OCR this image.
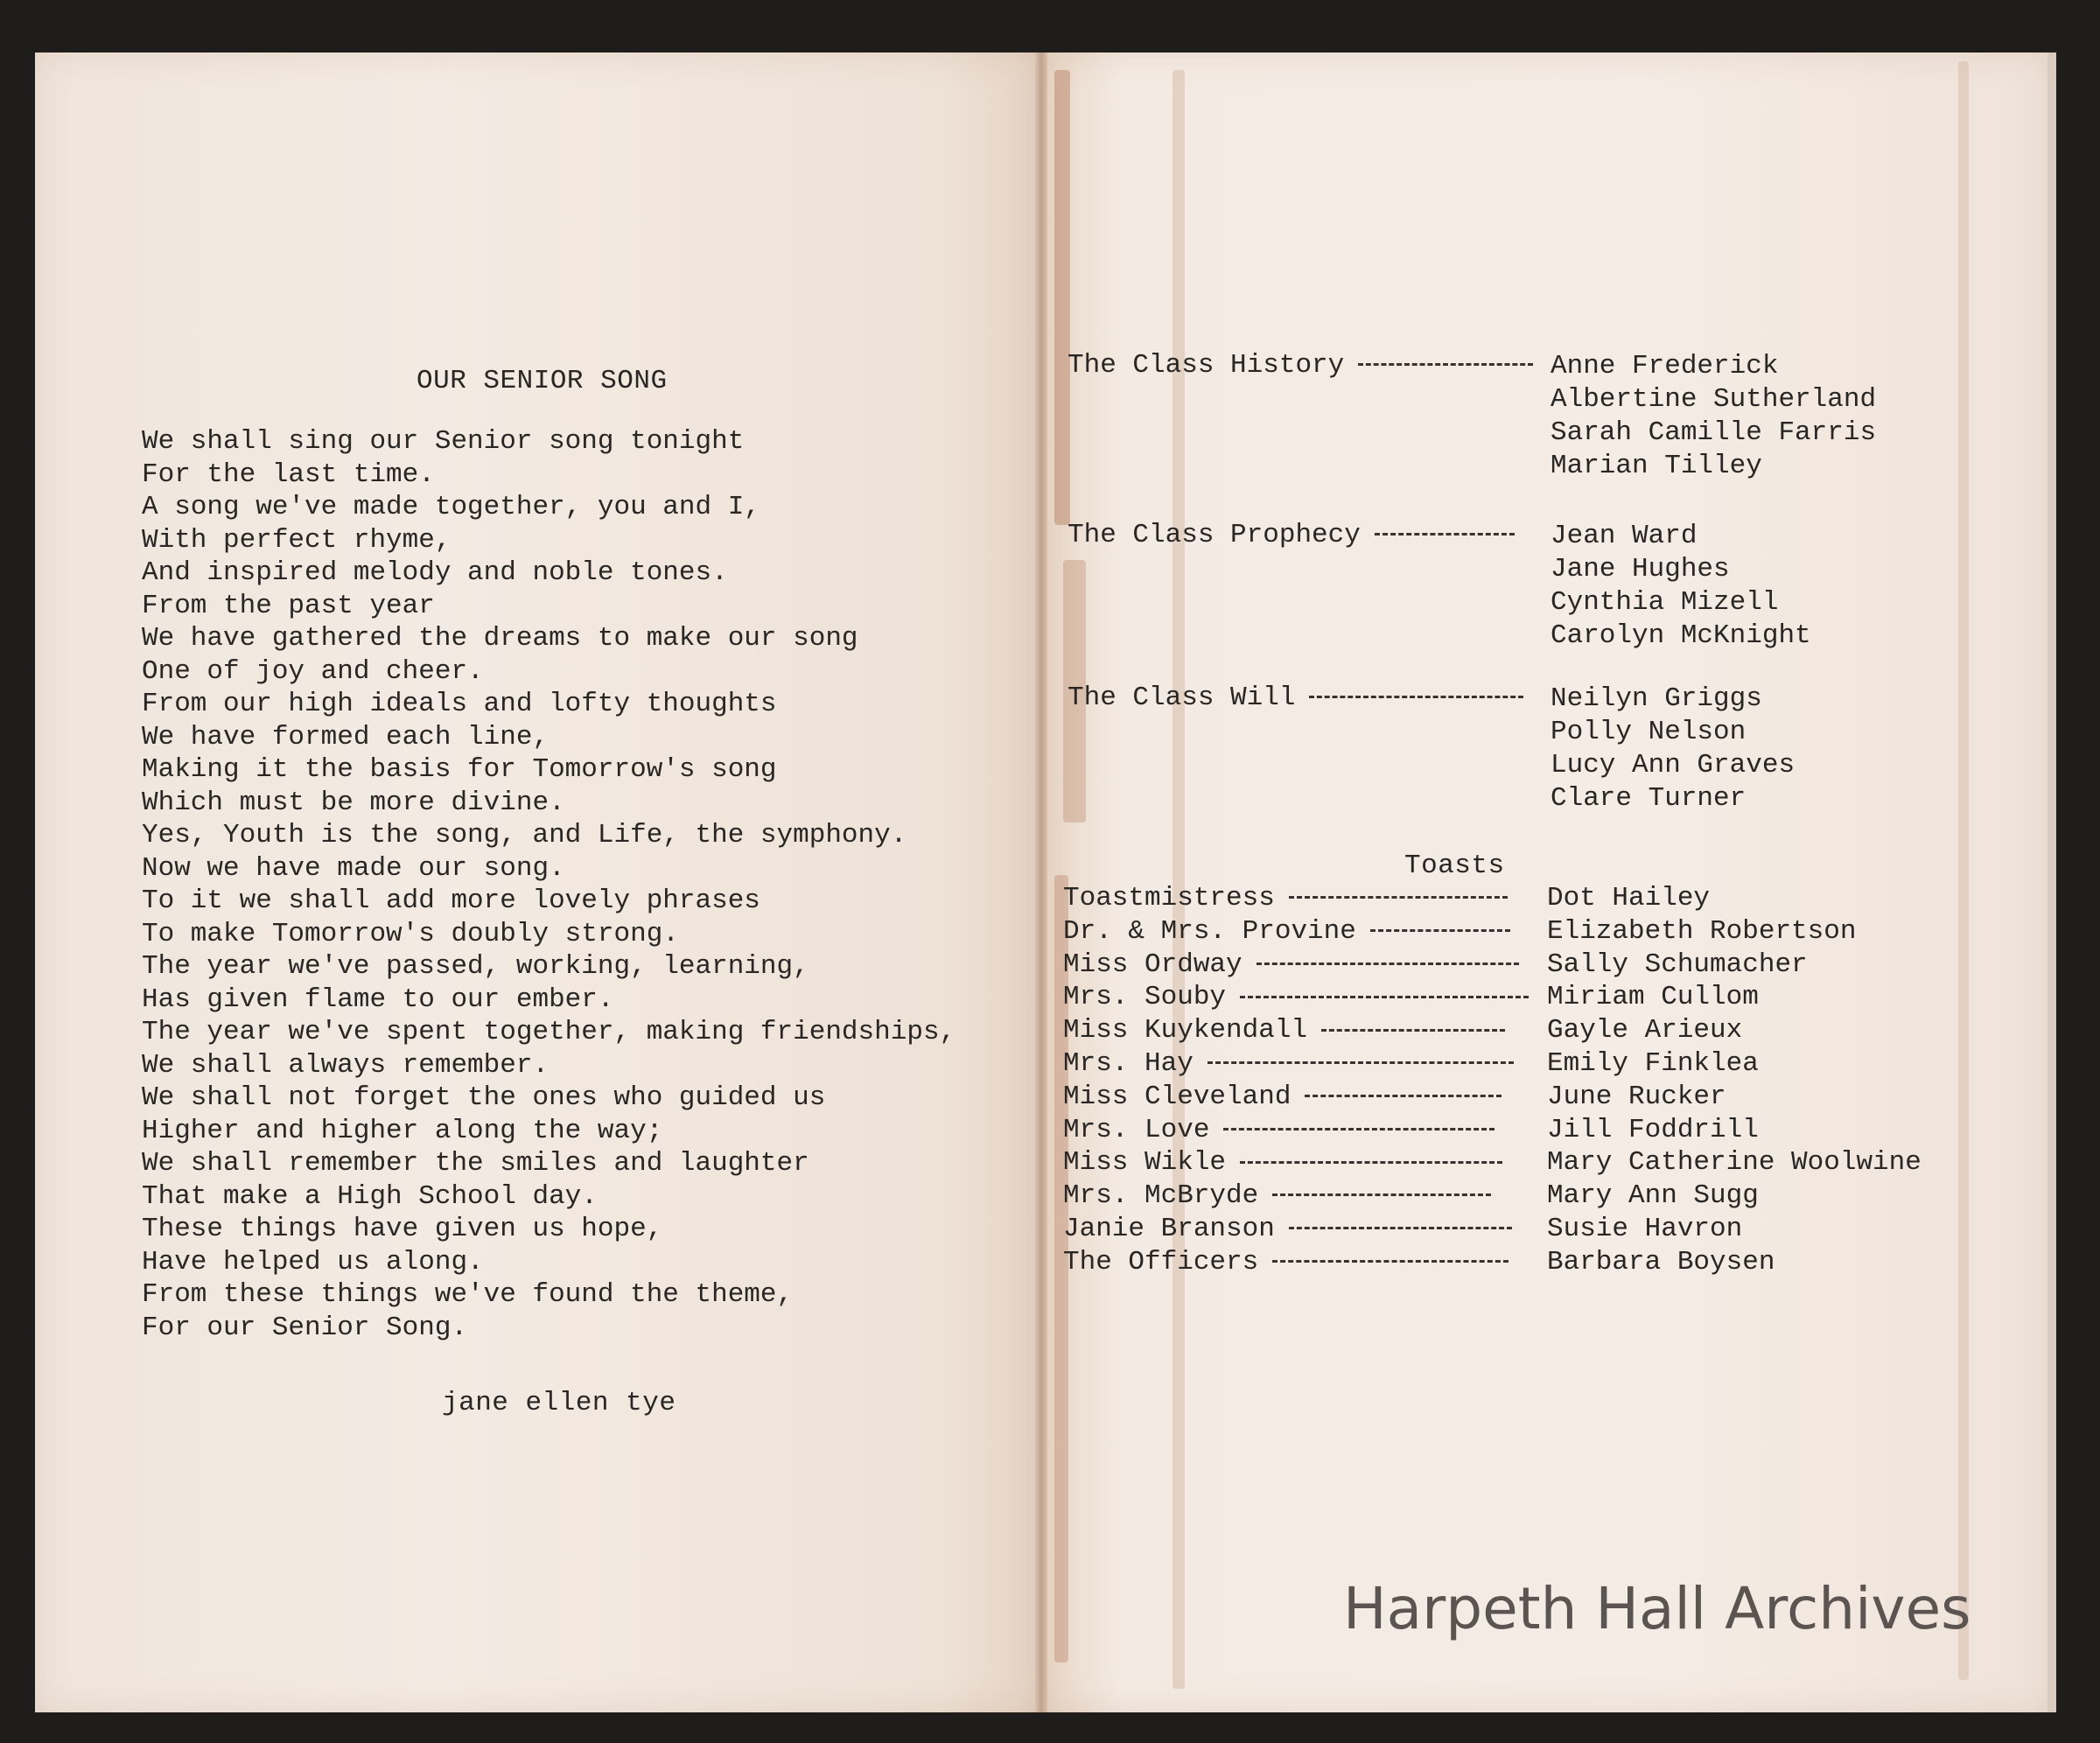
OUR SENIOR SONG
We shall sing our Senior song tonight
For the last time.
A song we've made together, you and I,
With perfect rhyme,
And inspired melody and noble tones.
From the past year
We have gathered the dreams to make our song
One of joy and cheer.
From our high ideals and lofty thoughts
We have formed each line,
Making it the basis for Tomorrow's song
Which must be more divine.
Yes, Youth is the song, and Life, the symphony.
Now we have made our song.
To it we shall add more lovely phrases
To make Tomorrow's doubly strong.
The year we've passed, working, learning,
Has given flame to our ember.
The year we've spent together, making friendships,
We shall always remember.
We shall not forget the ones who guided us
Higher and higher along the way;
We shall remember the smiles and laughter
That make a High School day.
These things have given us hope,
Have helped us along.
From these things we've found the theme,
For our Senior Song.
jane ellen tye
The Class History	Anne Frederick
Albertine Sutherland
Sarah Camille Farris
Marian Tilley
The Class Prophecy	Jean Ward
Jane Hughes
Cynthia Mizell
Carolyn McKnight
The Class Will	Neilyn Griggs
Polly Nelson
Lucy Ann Graves
Clare Turner
Toasts
Toastmistress	Dot Hailey
Dr. & Mrs. Provine	Elizabeth Robertson
Miss Ordway	Sally Schumacher
Mrs. Souby	Miriam Cullom
Miss Kuykendall	Gayle Arieux
Mrs. Hay	Emily Finklea
Miss Cleveland	June Rucker
Mrs. Love	Jill Foddrill
Miss Wikle	Mary Catherine Woolwine
Mrs. McBryde	Mary Ann Sugg
Janie Branson	Susie Havron
The Officers	Barbara Boysen
Harpeth Hall Archives
